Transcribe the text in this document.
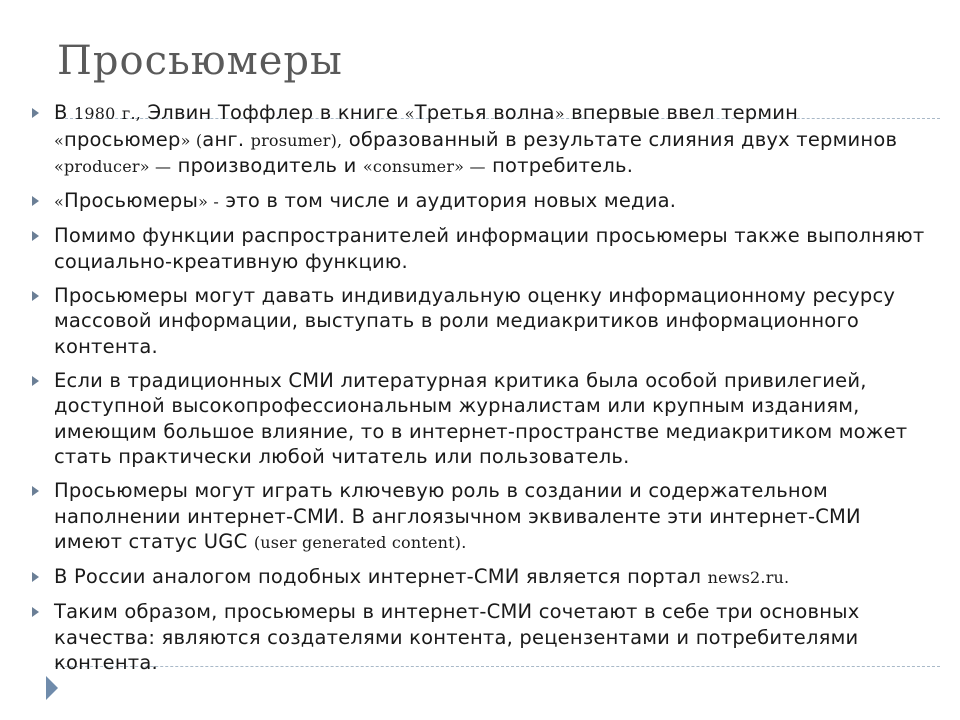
Просьюмеры
В 1980 г., Элвин Тоффлер в книге «Третья волна» впервые ввел термин «просьюмер» (анг. prosumer), образованный в результате слияния двух терминов «producer» — производитель и «consumer» — потребитель.
«Просьюмеры» - это в том числе и аудитория новых медиа.
Помимо функции распространителей информации просьюмеры также выполняют социально-креативную функцию.
Просьюмеры могут давать индивидуальную оценку информационному ресурсу массовой информации, выступать в роли медиакритиков информационного контента.
Если в традиционных СМИ литературная критика была особой привилегией, доступной высокопрофессиональным журналистам или крупным изданиям, имеющим большое влияние, то в интернет-пространстве медиакритиком может стать практически любой читатель или пользователь.
Просьюмеры могут играть ключевую роль в создании и содержательном наполнении интернет-СМИ. В англоязычном эквиваленте эти интернет-СМИ имеют статус UGC (user generated content).
В России аналогом подобных интернет-СМИ является портал news2.ru.
Таким образом, просьюмеры в интернет-СМИ сочетают в себе три основных качества: являются создателями контента, рецензентами и потребителями контента.
